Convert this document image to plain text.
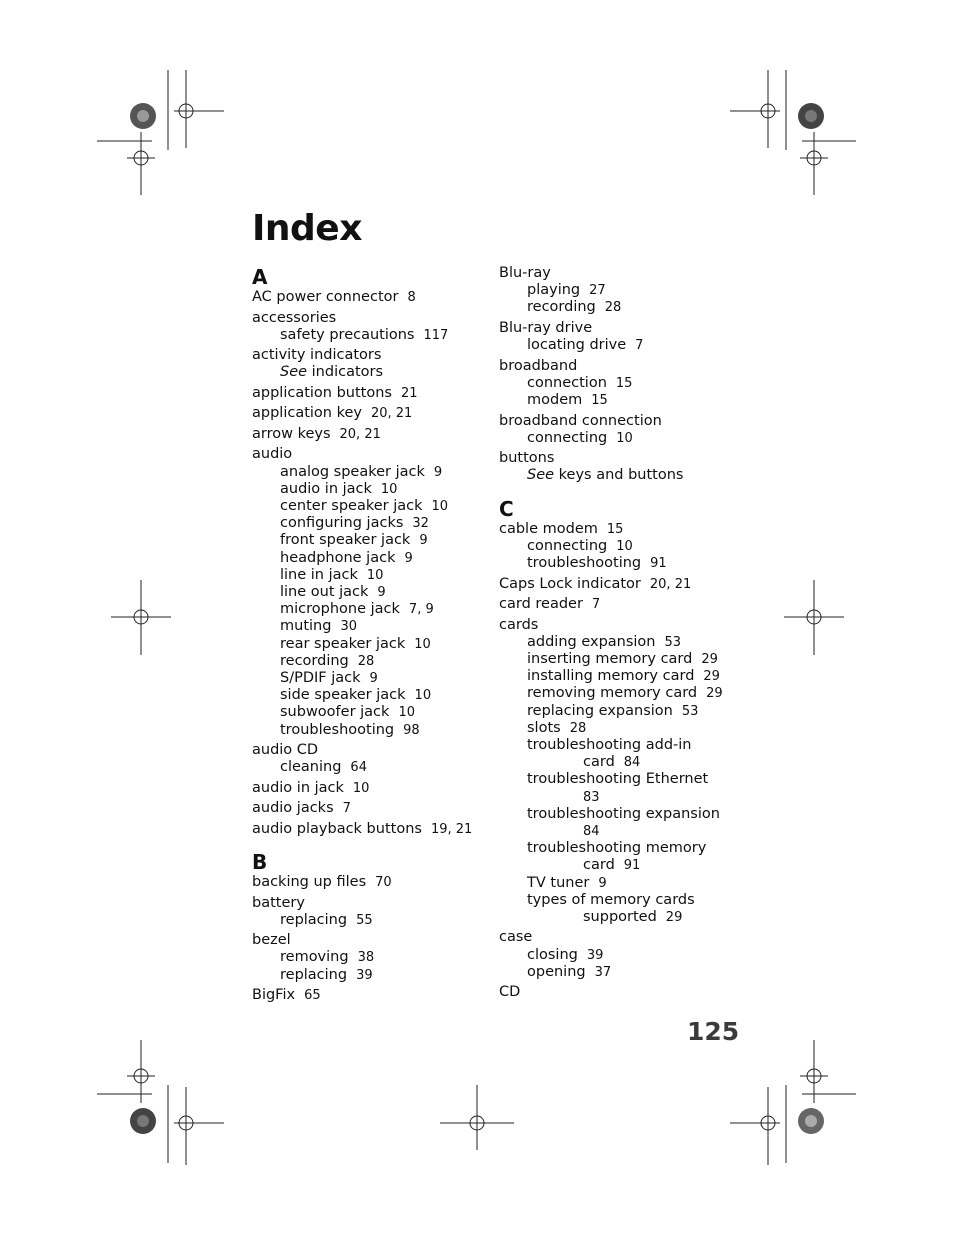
Index
A
AC power connector 8
accessories
safety precautions 117
activity indicators
See indicators
application buttons 21
application key 20, 21
arrow keys 20, 21
audio
analog speaker jack 9
audio in jack 10
center speaker jack 10
configuring jacks 32
front speaker jack 9
headphone jack 9
line in jack 10
line out jack 9
microphone jack 7, 9
muting 30
rear speaker jack 10
recording 28
S/PDIF jack 9
side speaker jack 10
subwoofer jack 10
troubleshooting 98
audio CD
cleaning 64
audio in jack 10
audio jacks 7
audio playback buttons 19, 21
B
backing up files 70
battery
replacing 55
bezel
removing 38
replacing 39
BigFix 65
Blu-ray
playing 27
recording 28
Blu-ray drive
locating drive 7
broadband
connection 15
modem 15
broadband connection
connecting 10
buttons
See keys and buttons
C
cable modem 15
connecting 10
troubleshooting 91
Caps Lock indicator 20, 21
card reader 7
cards
adding expansion 53
inserting memory card 29
installing memory card 29
removing memory card 29
replacing expansion 53
slots 28
troubleshooting add-in
card 84
troubleshooting Ethernet
83
troubleshooting expansion
84
troubleshooting memory
card 91
TV tuner 9
types of memory cards
supported 29
case
closing 39
opening 37
CD
125
